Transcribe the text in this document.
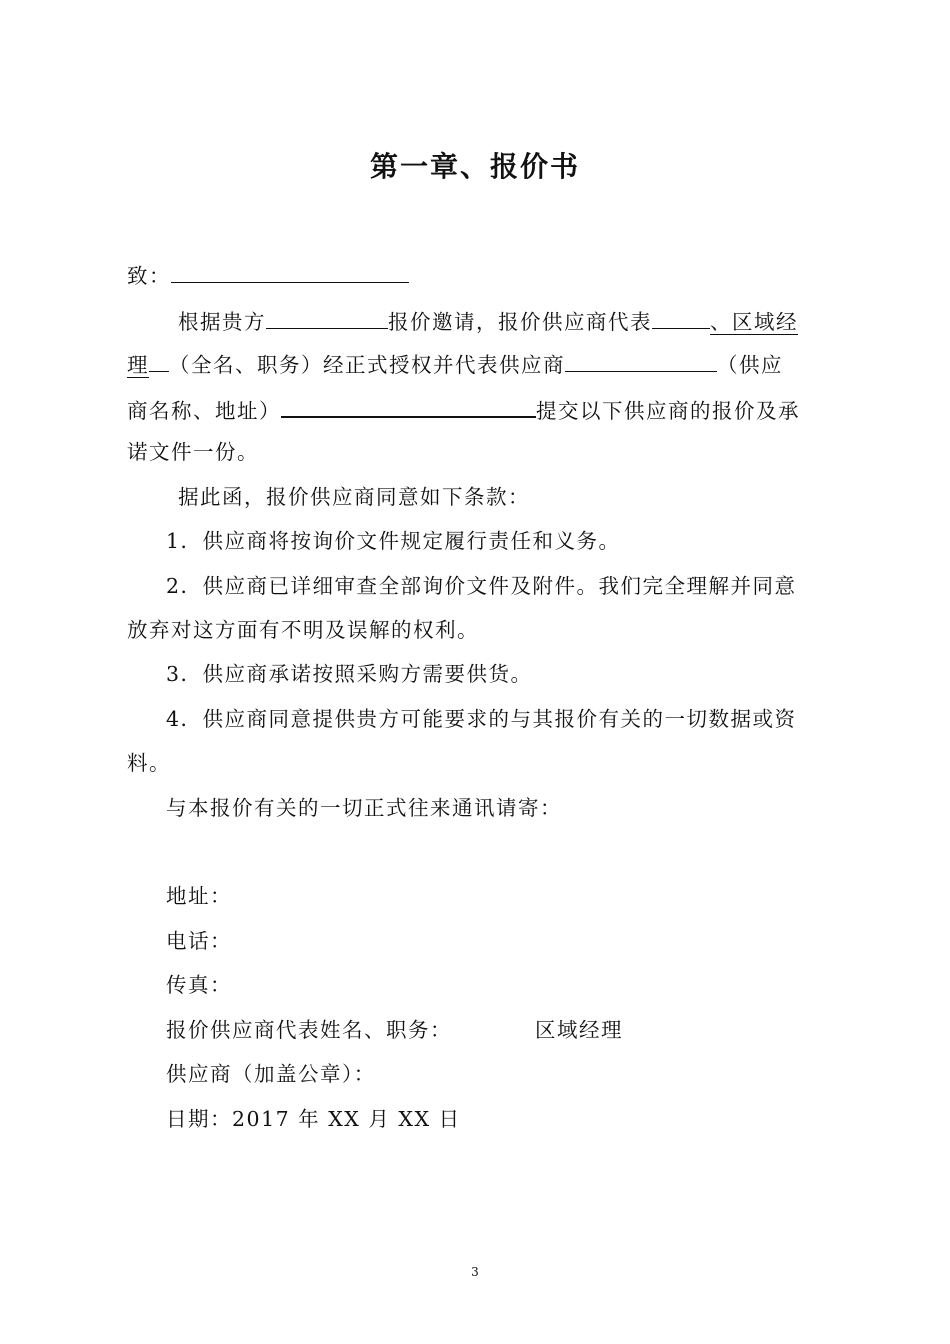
第一章、报价书
致：
根据贵方	报价邀请，报价供应商代表	、区域经
理 （全名、职务）经正式授权并代表供应商	（供应
商名称、地址）	提交以下供应商的报价及承
诺文件一份。
据此函，报价供应商同意如下条款：
1．供应商将按询价文件规定履行责任和义务。
2．供应商已详细审查全部询价文件及附件。我们完全理解并同意
放弃对这方面有不明及误解的权利。
3．供应商承诺按照采购方需要供货。
4．供应商同意提供贵方可能要求的与其报价有关的一切数据或资
料。
与本报价有关的一切正式往来通讯请寄：
地址：
电话：
传真：
报价供应商代表姓名、职务：	区域经理
供应商（加盖公章）：
日期：2017 年 XX 月 XX 日
3
